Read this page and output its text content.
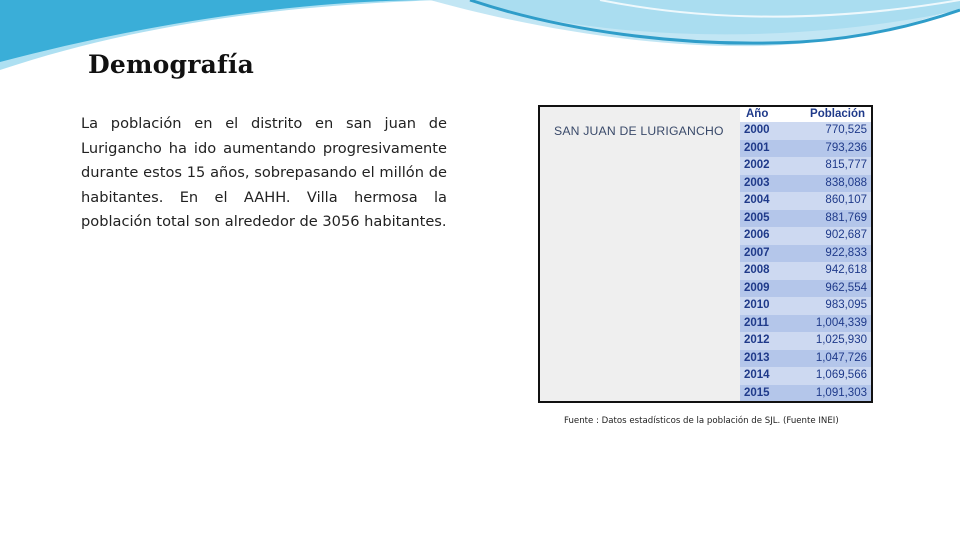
Demografía
La población en el distrito en san juan de Lurigancho ha ido aumentando progresivamente durante estos 15 años, sobrepasando el millón de habitantes. En el AAHH. Villa hermosa la población total son alrededor de 3056 habitantes.
SAN JUAN DE LURIGANCHO
Año	Población
2000	770,525
2001	793,236
2002	815,777
2003	838,088
2004	860,107
2005	881,769
2006	902,687
2007	922,833
2008	942,618
2009	962,554
2010	983,095
2011	1,004,339
2012	1,025,930
2013	1,047,726
2014	1,069,566
2015	1,091,303
Fuente : Datos estadísticos de la población de SJL. (Fuente INEI)
